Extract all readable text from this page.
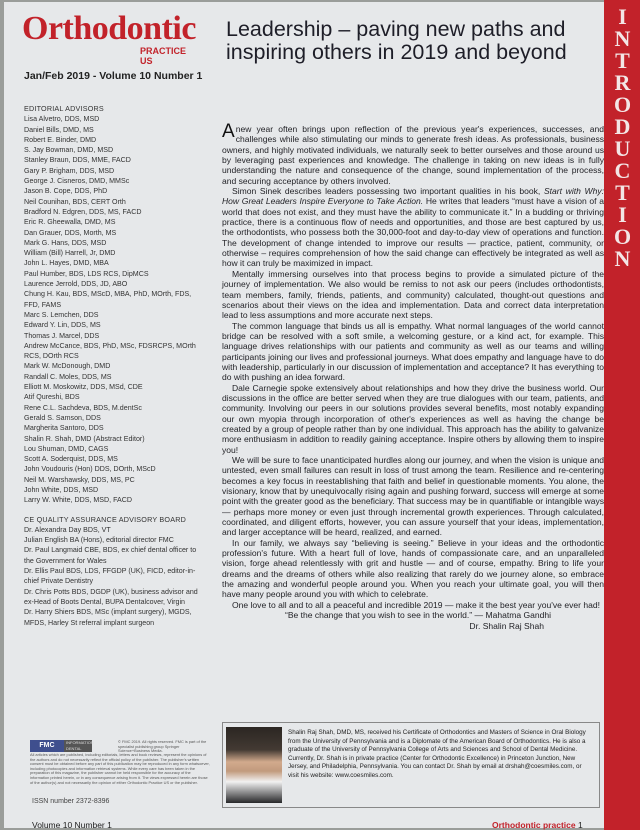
I
N
T
R
O
D
U
C
T
I
O
N
Orthodontic
PRACTICE US
Jan/Feb 2019 - Volume 10 Number 1
EDITORIAL ADVISORS
Lisa Alvetro, DDS, MSD
Daniel Bills, DMD, MS
Robert E. Binder, DMD
S. Jay Bowman, DMD, MSD
Stanley Braun, DDS, MME, FACD
Gary P. Brigham, DDS, MSD
George J. Cisneros, DMD, MMSc
Jason B. Cope, DDS, PhD
Neil Counihan, BDS, CERT Orth
Bradford N. Edgren, DDS, MS, FACD
Eric R. Gheewalla, DMD, MS
Dan Grauer, DDS, Morth, MS
Mark G. Hans, DDS, MSD
William (Bill) Harrell, Jr, DMD
John L. Hayes, DMD, MBA
Paul Humber, BDS, LDS RCS, DipMCS
Laurence Jerrold, DDS, JD, ABO
Chung H. Kau, BDS, MScD, MBA, PhD, MOrth, FDS, FFD, FAMS
Marc S. Lemchen, DDS
Edward Y. Lin, DDS, MS
Thomas J. Marcel, DDS
Andrew McCance, BDS, PhD, MSc, FDSRCPS, MOrth RCS, DOrth RCS
Mark W. McDonough, DMD
Randall C. Moles, DDS, MS
Elliott M. Moskowitz, DDS, MSd, CDE
Atif Qureshi, BDS
Rene C.L. Sachdeva, BDS, M.dentSc
Gerald S. Samson, DDS
Margherita Santoro, DDS
Shalin R. Shah, DMD (Abstract Editor)
Lou Shuman, DMD, CAGS
Scott A. Soderquist, DDS, MS
John Voudouris (Hon) DDS, DOrth, MScD
Neil M. Warshawsky, DDS, MS, PC
John White, DDS, MSD
Larry W. White, DDS, MSD, FACD
CE QUALITY ASSURANCE ADVISORY BOARD
Dr. Alexandra Day BDS, VT
Julian English BA (Hons), editorial director FMC
Dr. Paul Langmaid CBE, BDS, ex chief dental officer to the Government for Wales
Dr. Ellis Paul BDS, LDS, FFGDP (UK), FICD, editor-in-chief Private Dentistry
Dr. Chris Potts BDS, DGDP (UK), business advisor and ex-Head of Boots Dental, BUPA Dentalcover, Virgin
Dr. Harry Shiers BDS, MSc (implant surgery), MGDS, MFDS, Harley St referral implant surgeon
FMC	INFORMATION DENTAL
© FMC 2019. All rights reserved. FMC is part of the specialist publishing group Springer Science+Business Media.
All articles which are published, including editorials, letters and book reviews, represent the opinions of the authors and do not necessarily reflect the official policy of the publisher. The publisher's written consent must be obtained before any part of this publication may be reproduced in any form whatsoever, including photocopies and information retrieval systems. While every care has been taken in the preparation of this magazine, the publisher cannot be held responsible for the accuracy of the information printed herein, or in any consequence arising from it. The views expressed herein are those of the author(s) and not necessarily the opinion of either Orthodontic Practice US or the publisher.
ISSN number 2372-8396
Volume 10 Number 1	Orthodontic practice 1
Leadership – paving new paths and inspiring others in 2019 and beyond

Anew year often brings upon reflection of the previous year's experiences, successes, and challenges while also stimulating our minds to generate fresh ideas. As professionals, business owners, and highly motivated individuals, we naturally seek to better ourselves and those around us by leveraging past experiences and knowledge. The challenge in taking on new ideas is in fully understanding the nature and consequence of the change, sound implementation of the process, and securing acceptance by others involved.

Simon Sinek describes leaders possessing two important qualities in his book, Start with Why: How Great Leaders Inspire Everyone to Take Action. He writes that leaders “must have a vision of a world that does not exist, and they must have the ability to communicate it.” In a budding or thriving practice, there is a continuous flow of needs and opportunities, and those are best captured by us, the orthodontists, who possess both the 30,000-foot and day-to-day view of operations and function. The development of change intended to improve our results — practice, patient, community, or otherwise – requires comprehension of how the said change can effectively be integrated as well as how it can truly be maximized in impact.

Mentally immersing ourselves into that process begins to provide a simulated picture of the journey of implementation. We also would be remiss to not ask our peers (includes orthodontists, team members, family, friends, patients, and community) calculated, thought-out questions and scenarios about their views on the idea and implementation. Data and correct data interpretation lead to less assumptions and more accurate next steps.

The common language that binds us all is empathy. What normal languages of the world cannot bridge can be resolved with a soft smile, a welcoming gesture, or a kind act, for example. This language drives relationships with our patients and community as well as our teams and willing participants joining our lives and professional journeys. What does empathy and language have to do with leadership, particularly in our discussion of implementation and acceptance? It has everything to do with pushing an idea forward.

Dale Carnegie spoke extensively about relationships and how they drive the business world. Our discussions in the office are better served when they are true dialogues with our team, patients, and community. Involving our peers in our solutions provides several benefits, most notably expanding our own myopia through incorporation of other's experiences as well as having the change be created by a group of people rather than by one individual. This approach has the ability to galvanize more enthusiasm in addition to readily gaining acceptance. Inspire others by allowing them to inspire you!

We will be sure to face unanticipated hurdles along our journey, and when the vision is unique and untested, even small failures can result in loss of trust among the team. Resilience and re-centering becomes a key focus in reestablishing that faith and belief in questionable moments. You alone, the visionary, know that by unequivocally rising again and pushing forward, success will emerge at some point with the greater good as the beneficiary. That success may be in quantifiable or intangible ways — perhaps more money or even just through incremental growth experiences. Through calculated, coordinated, and diligent efforts, however, you can assure yourself that your ideas, implementation, and larger acceptance will be heard, realized, and earned.

In our family, we always say “believing is seeing.” Believe in your ideas and the orthodontic profession's future. With a heart full of love, hands of compassionate care, and an unparalleled vision, forge ahead relentlessly with grit and hustle — and of course, empathy. Bring to life your dreams and the dreams of others while also realizing that rarely do we journey alone, so embrace the amazing and wonderful people around you. When you reach your ultimate goal, you will then have many people around you with which to celebrate.

One love to all and to all a peaceful and incredible 2019 — make it the best year you've ever had!

“Be the change that you wish to see in the world.” — Mahatma Gandhi

Dr. Shalin Raj Shah

Shalin Raj Shah, DMD, MS, received his Certificate of Orthodontics and Masters of Science in Oral Biology from the University of Pennsylvania and is a Diplomate of the American Board of Orthodontics. He is also a graduate of the University of Pennsylvania College of Arts and Sciences and School of Dental Medicine. Currently, Dr. Shah is in private practice (Center for Orthodontic Excellence) in Princeton Junction, New Jersey, and Philadelphia, Pennsylvania. You can contact Dr. Shah by email at drshah@coesmiles.com, or visit his website: www.coesmiles.com.
